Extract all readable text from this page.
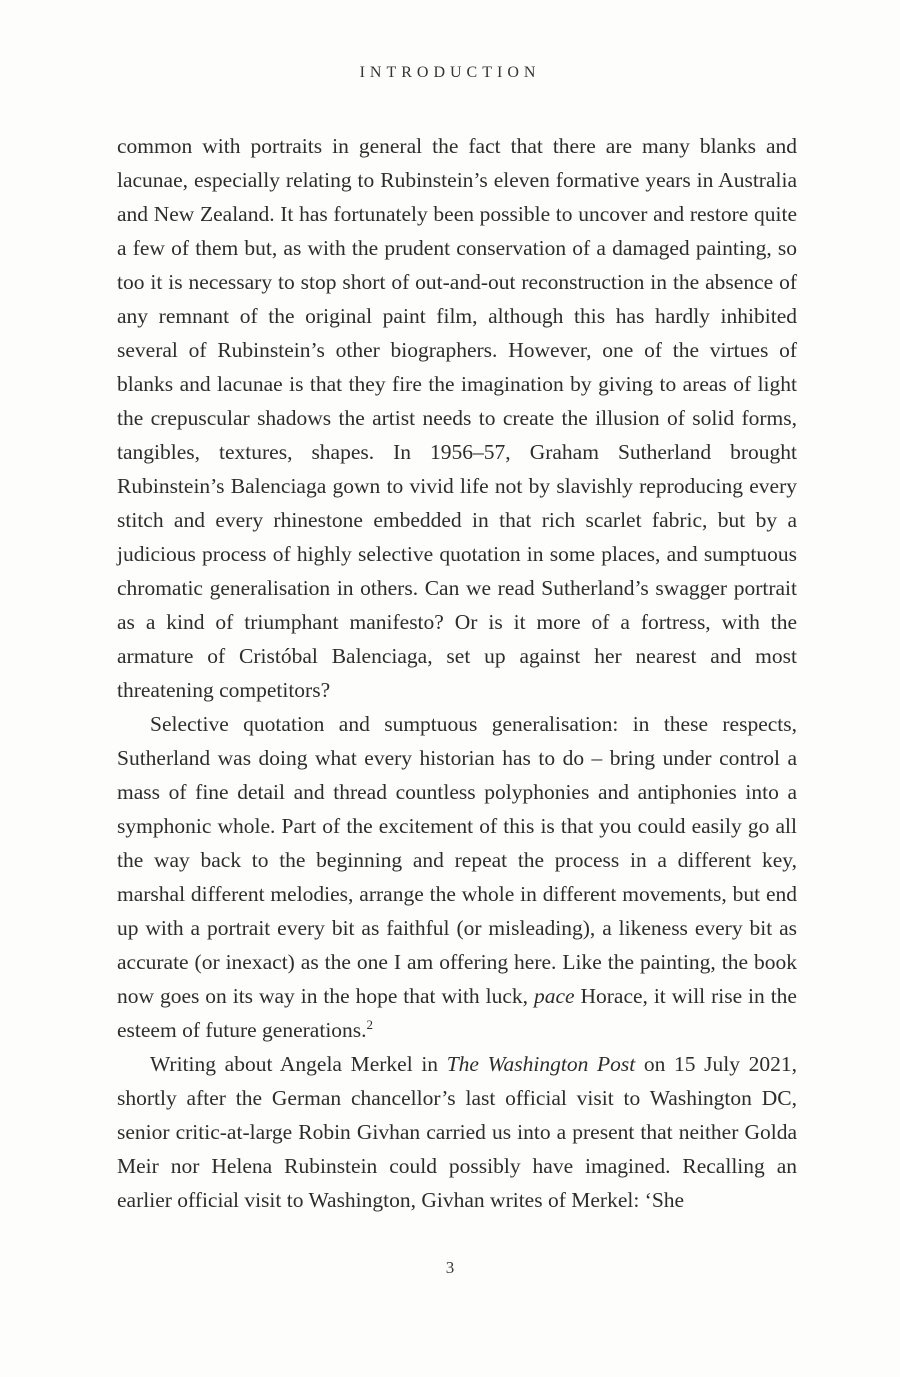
INTRODUCTION

common with portraits in general the fact that there are many blanks and lacunae, especially relating to Rubinstein’s eleven formative years in Australia and New Zealand. It has fortunately been possible to uncover and restore quite a few of them but, as with the prudent conservation of a damaged painting, so too it is necessary to stop short of out-and-out reconstruction in the absence of any remnant of the original paint film, although this has hardly inhibited several of Rubinstein’s other biographers. However, one of the virtues of blanks and lacunae is that they fire the imagination by giving to areas of light the crepuscular shadows the artist needs to create the illusion of solid forms, tangibles, textures, shapes. In 1956–57, Graham Sutherland brought Rubinstein’s Balenciaga gown to vivid life not by slavishly reproducing every stitch and every rhinestone embedded in that rich scarlet fabric, but by a judicious process of highly selective quotation in some places, and sumptuous chromatic generalisation in others. Can we read Sutherland’s swagger portrait as a kind of triumphant manifesto? Or is it more of a fortress, with the armature of Cristóbal Balenciaga, set up against her nearest and most threatening competitors?

Selective quotation and sumptuous generalisation: in these respects, Sutherland was doing what every historian has to do – bring under control a mass of fine detail and thread countless polyphonies and antiphonies into a symphonic whole. Part of the excitement of this is that you could easily go all the way back to the beginning and repeat the process in a different key, marshal different melodies, arrange the whole in different movements, but end up with a portrait every bit as faithful (or misleading), a likeness every bit as accurate (or inexact) as the one I am offering here. Like the painting, the book now goes on its way in the hope that with luck, pace Horace, it will rise in the esteem of future generations.$^2$

Writing about Angela Merkel in The Washington Post on 15 July 2021, shortly after the German chancellor’s last official visit to Washington DC, senior critic-at-large Robin Givhan carried us into a present that neither Golda Meir nor Helena Rubinstein could possibly have imagined. Recalling an earlier official visit to Washington, Givhan writes of Merkel: ‘She

3
